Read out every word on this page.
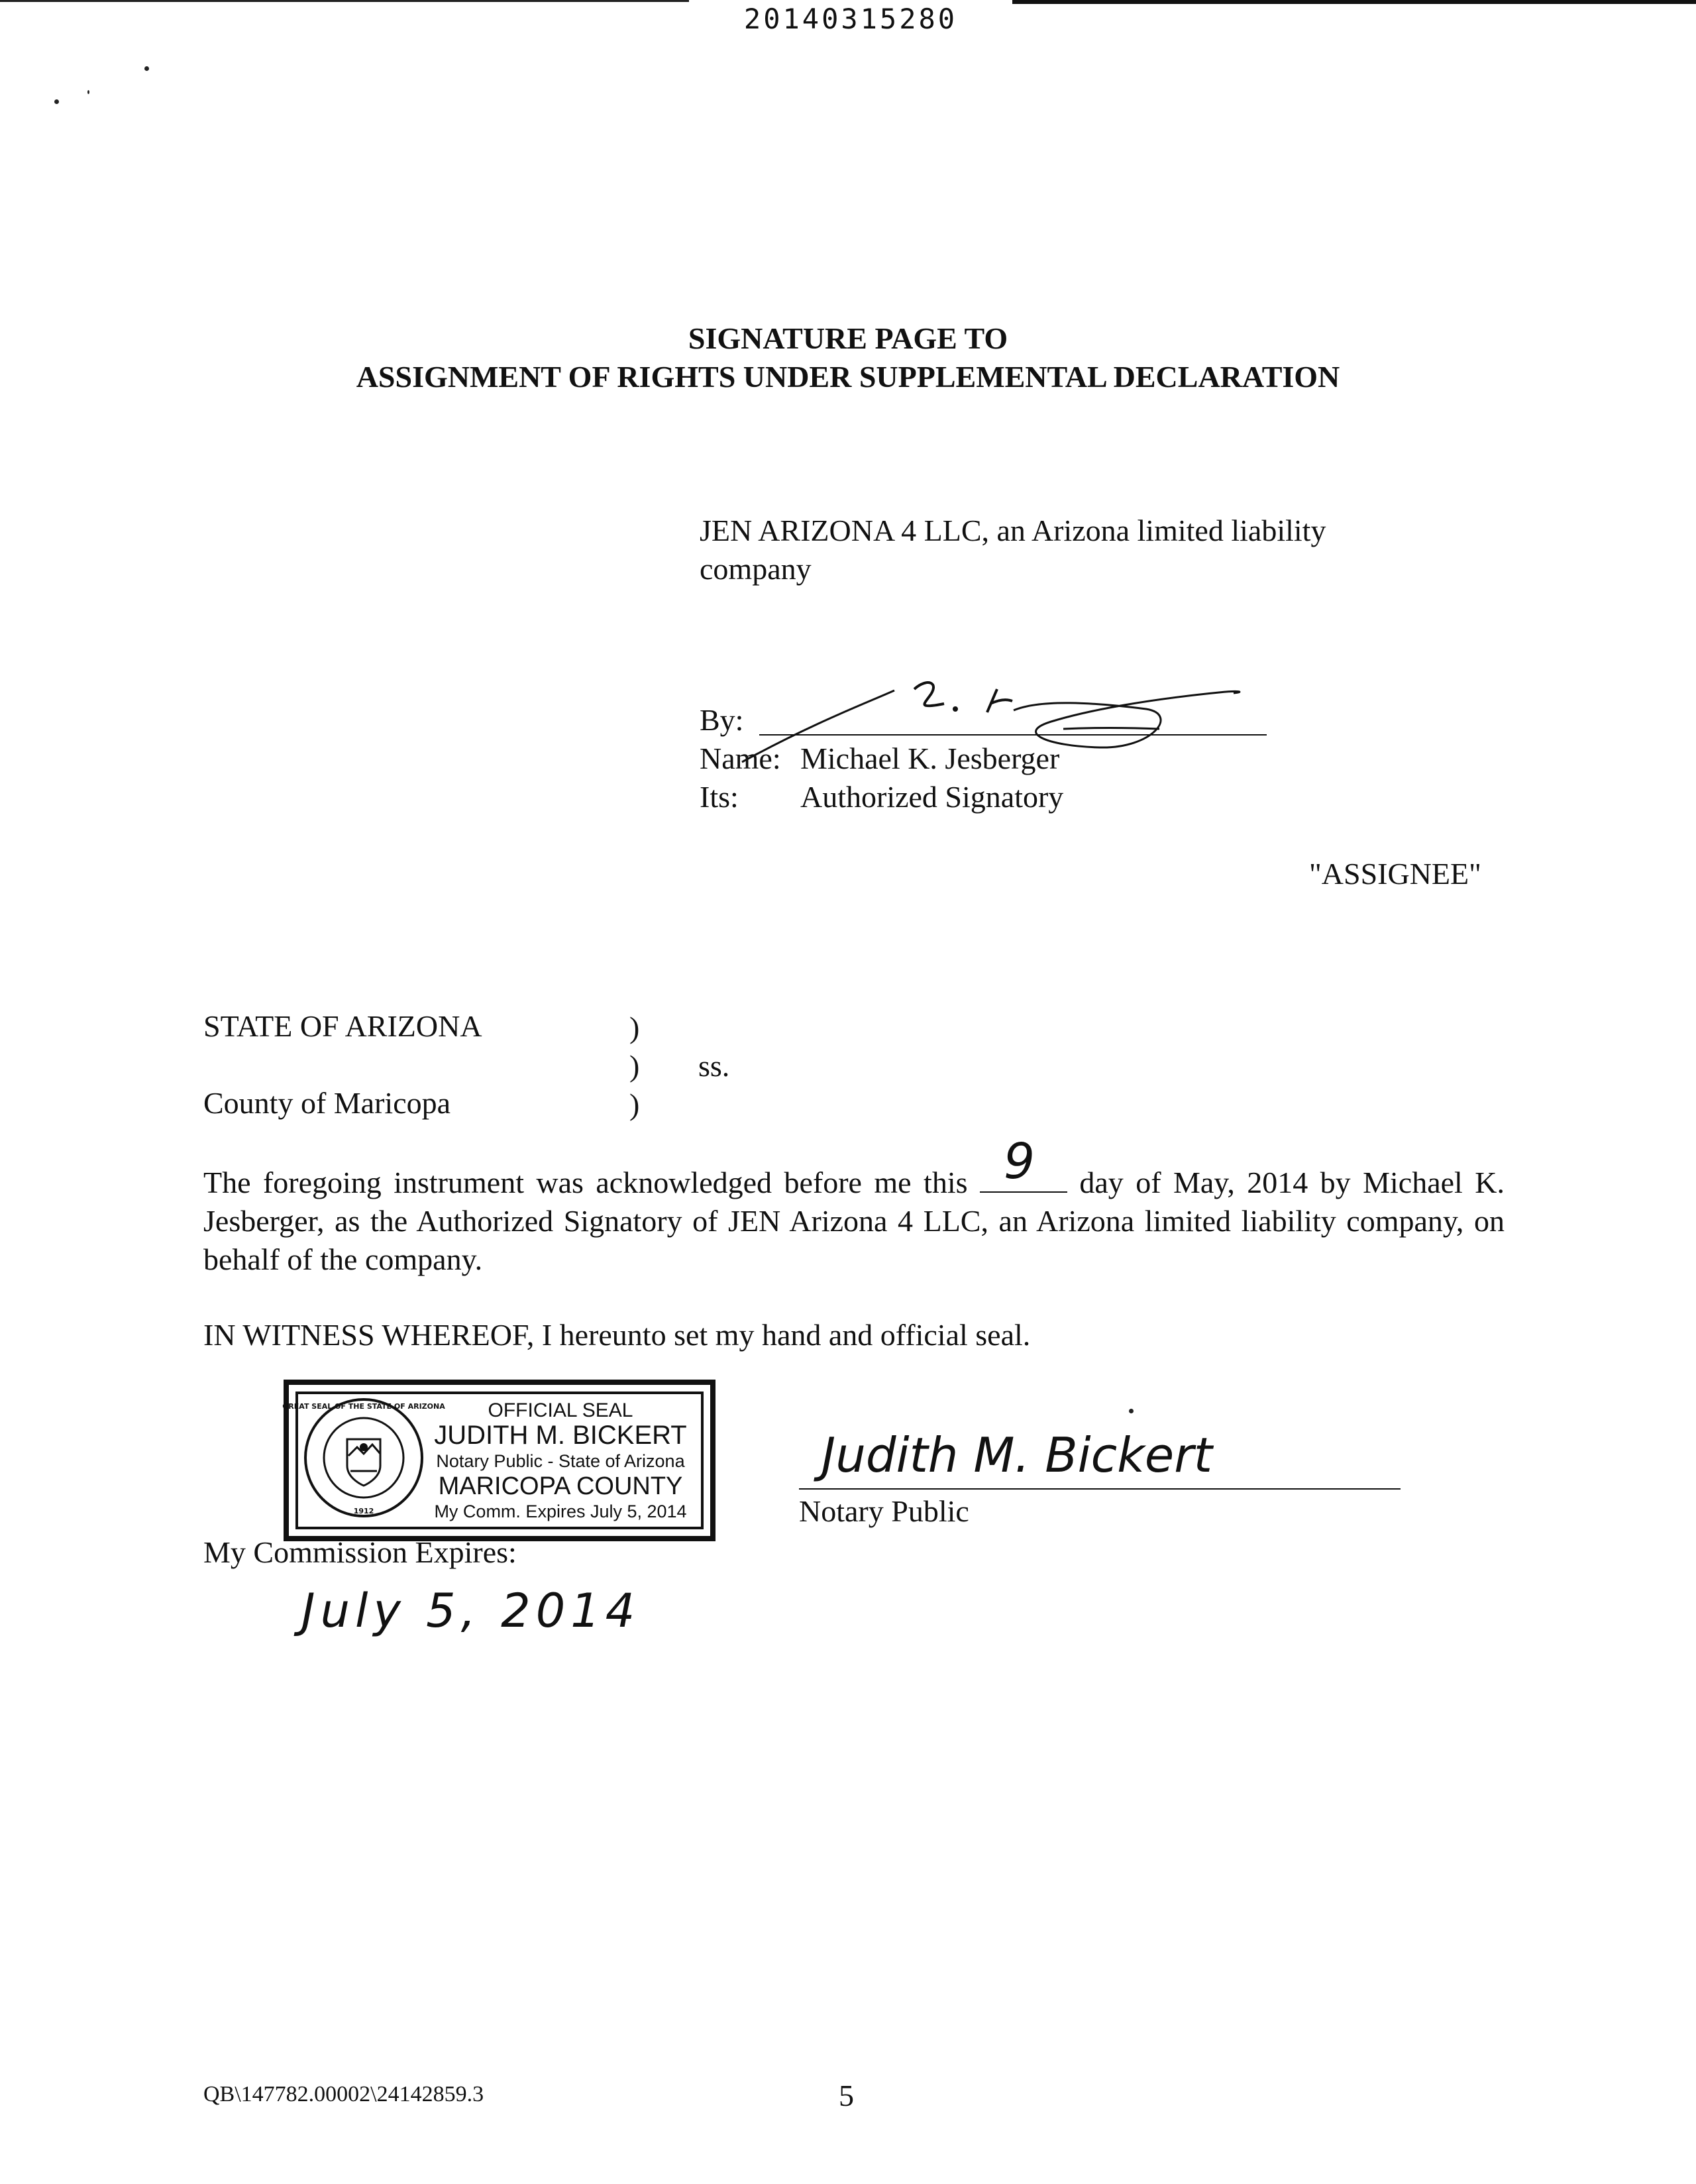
20140315280
SIGNATURE PAGE TO
ASSIGNMENT OF RIGHTS UNDER SUPPLEMENTAL DECLARATION
JEN ARIZONA 4 LLC, an Arizona limited liability
company
By:
Name: Michael K. Jesberger
Its: Authorized Signatory
"ASSIGNEE"
STATE OF ARIZONA	)
) ss.
County of Maricopa	)
The foregoing instrument was acknowledged before me this 9 day of May, 2014 by Michael K. Jesberger, as the Authorized Signatory of JEN Arizona 4 LLC, an Arizona limited liability company, on behalf of the company.
IN WITNESS WHEREOF, I hereunto set my hand and official seal.
GREAT SEAL OF THE STATE OF ARIZONA
1912
OFFICIAL SEAL
JUDITH M. BICKERT
Notary Public - State of Arizona
MARICOPA COUNTY
My Comm. Expires July 5, 2014
Judith M. Bickert
Notary Public
My Commission Expires:
July 5, 2014
QB\147782.00002\24142859.3	5
